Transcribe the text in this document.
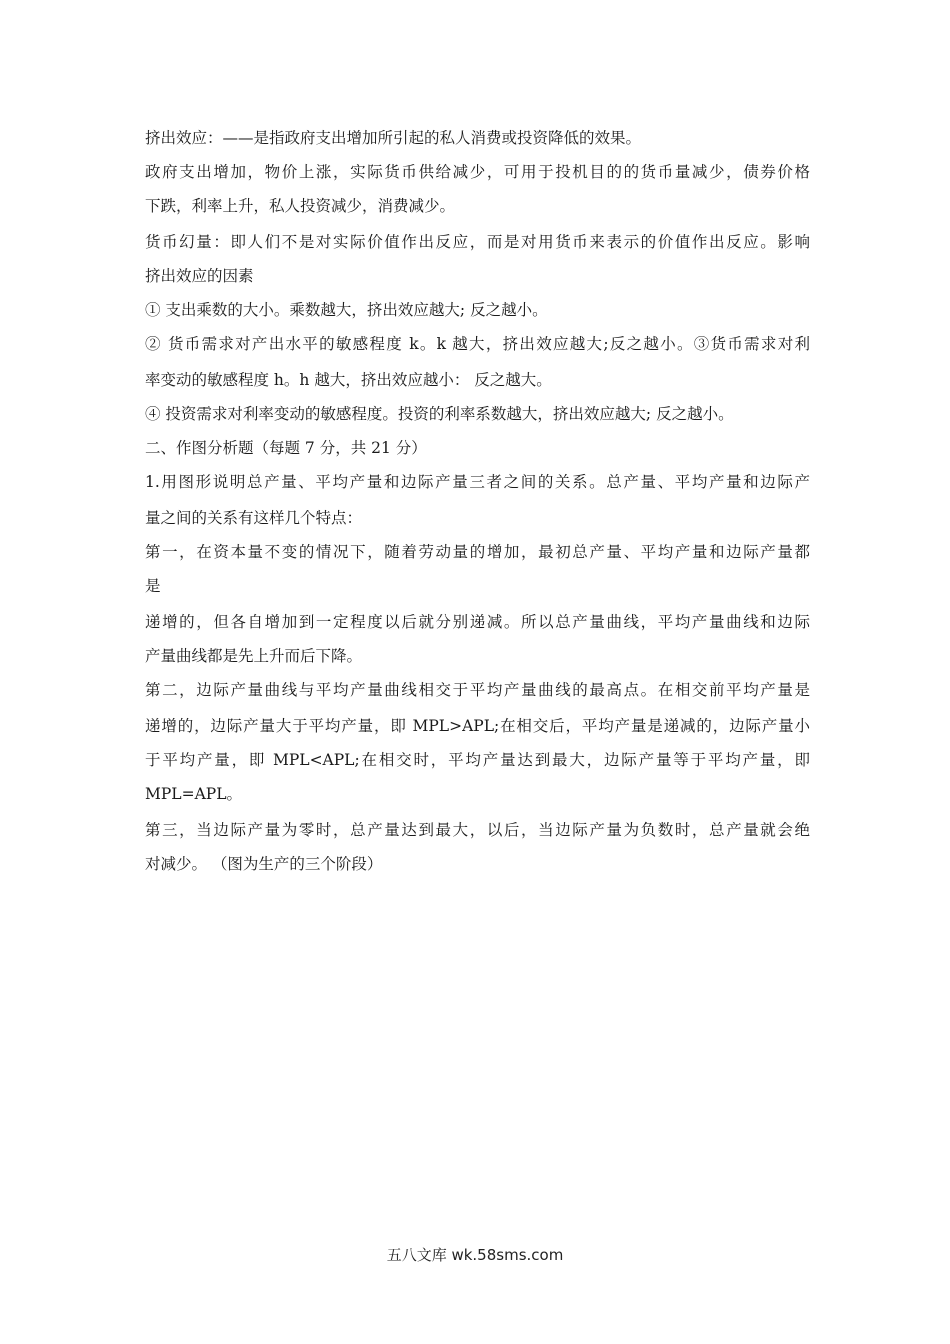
挤出效应：——是指政府支出增加所引起的私人消费或投资降低的效果。
政府支出增加，物价上涨，实际货币供给减少，可用于投机目的的货币量减少，债券价格
下跌，利率上升，私人投资减少，消费减少。
货币幻量：即人们不是对实际价值作出反应，而是对用货币来表示的价值作出反应。影响
挤出效应的因素
① 支出乘数的大小。乘数越大，挤出效应越大; 反之越小。
② 货币需求对产出水平的敏感程度 k。k 越大，挤出效应越大;反之越小。③货币需求对利
率变动的敏感程度 h。h 越大，挤出效应越小： 反之越大。
④ 投资需求对利率变动的敏感程度。投资的利率系数越大，挤出效应越大; 反之越小。
二、作图分析题（每题 7 分，共 21 分）
1.用图形说明总产量、平均产量和边际产量三者之间的关系。总产量、平均产量和边际产
量之间的关系有这样几个特点：
第一，在资本量不变的情况下，随着劳动量的增加，最初总产量、平均产量和边际产量都
是
递增的，但各自增加到一定程度以后就分别递减。所以总产量曲线，平均产量曲线和边际
产量曲线都是先上升而后下降。
第二，边际产量曲线与平均产量曲线相交于平均产量曲线的最高点。在相交前平均产量是
递增的，边际产量大于平均产量，即 MPL>APL;在相交后，平均产量是递减的，边际产量小
于平均产量，即 MPL<APL;在相交时，平均产量达到最大，边际产量等于平均产量，即
MPL=APL。
第三，当边际产量为零时，总产量达到最大，以后，当边际产量为负数时，总产量就会绝
对减少。 （图为生产的三个阶段）
五八文库 wk.58sms.com
